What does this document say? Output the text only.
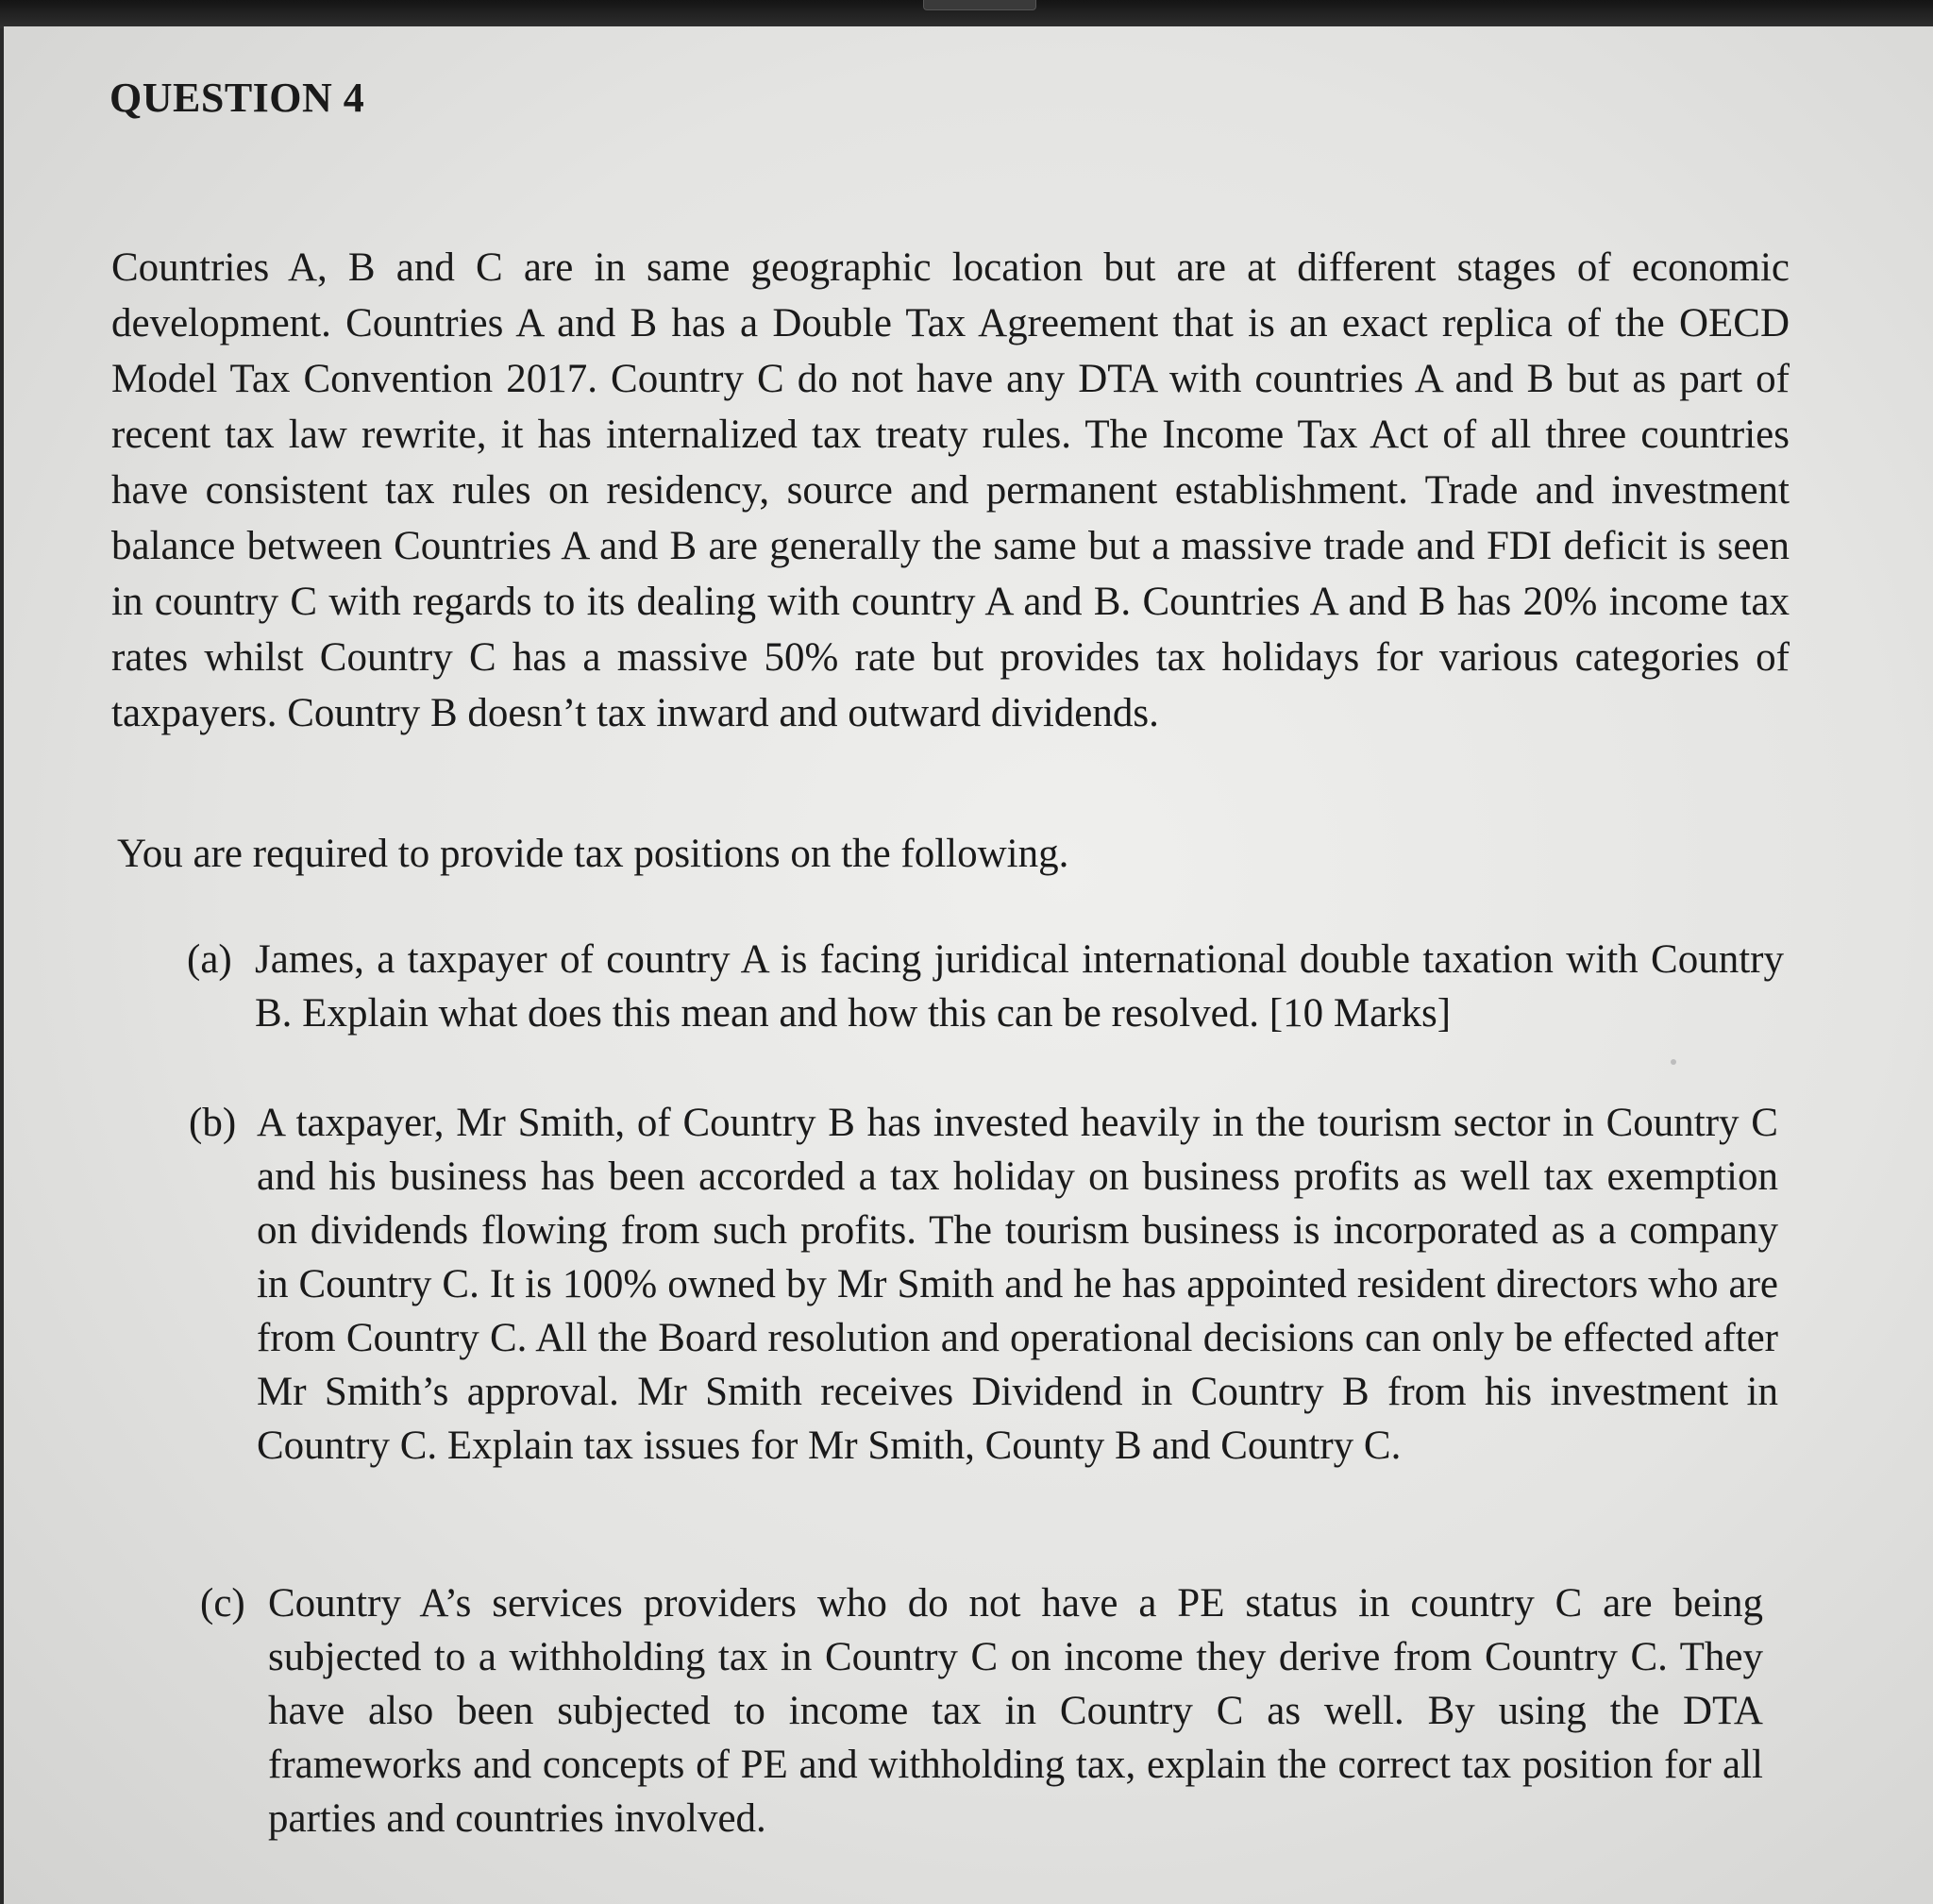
QUESTION 4

Countries A, B and C are in same geographic location but are at different stages of economic development. Countries A and B has a Double Tax Agreement that is an exact replica of the OECD Model Tax Convention 2017. Country C do not have any DTA with countries A and B but as part of recent tax law rewrite, it has internalized tax treaty rules. The Income Tax Act of all three countries have consistent tax rules on residency, source and permanent establishment. Trade and investment balance between Countries A and B are generally the same but a massive trade and FDI deficit is seen in country C with regards to its dealing with country A and B. Countries A and B has 20% income tax rates whilst Country C has a massive 50% rate but provides tax holidays for various categories of taxpayers. Country B doesn’t tax inward and outward dividends.

You are required to provide tax positions on the following.

(a) James, a taxpayer of country A is facing juridical international double taxation with Country B. Explain what does this mean and how this can be resolved. [10 Marks]
(b) A taxpayer, Mr Smith, of Country B has invested heavily in the tourism sector in Country C and his business has been accorded a tax holiday on business profits as well tax exemption on dividends flowing from such profits. The tourism business is incorporated as a company in Country C. It is 100% owned by Mr Smith and he has appointed resident directors who are from Country C. All the Board resolution and operational decisions can only be effected after Mr Smith’s approval. Mr Smith receives Dividend in Country B from his investment in Country C. Explain tax issues for Mr Smith, County B and Country C.
(c) Country A’s services providers who do not have a PE status in country C are being subjected to a withholding tax in Country C on income they derive from Country C. They have also been subjected to income tax in Country C as well. By using the DTA frameworks and concepts of PE and withholding tax, explain the correct tax position for all parties and countries involved.
